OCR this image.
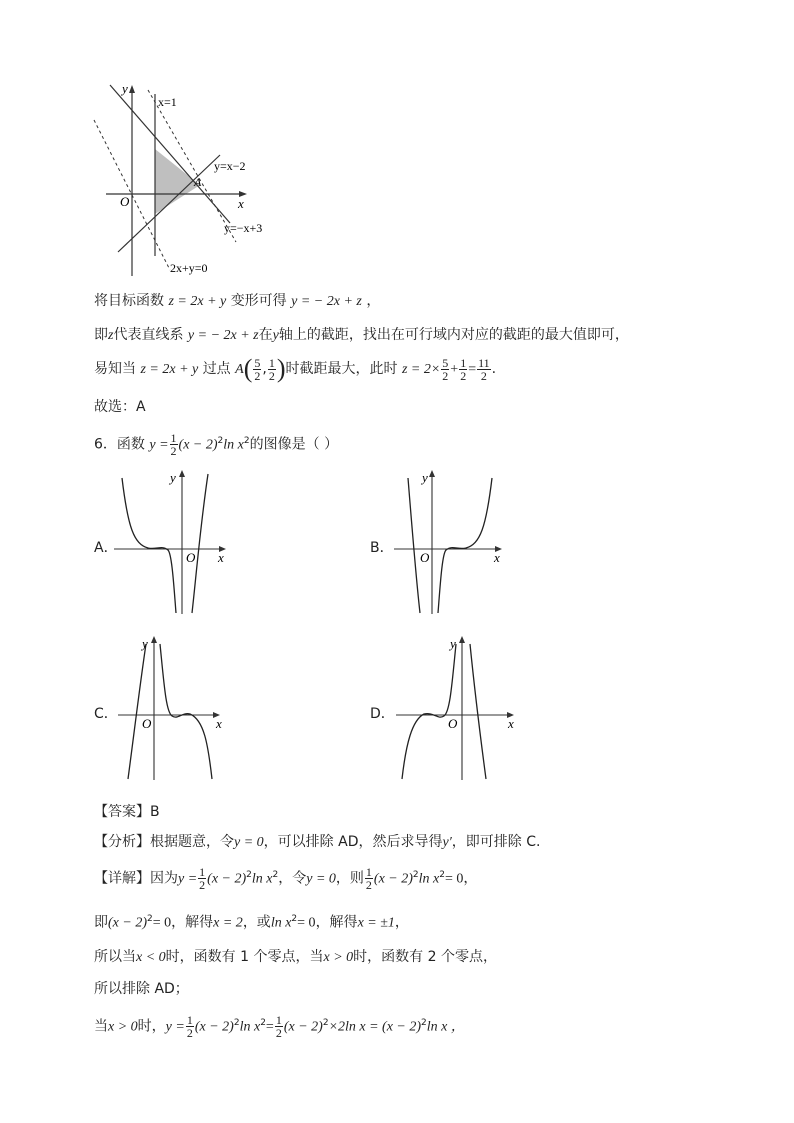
y
x
O
A
x=1
y=x−2
y=−x+3
2x+y=0
将目标函数 z = 2x + y 变形可得 y = − 2x + z ，
即z代表直线系 y = − 2x + z在y轴上的截距，找出在可行域内对应的截距的最大值即可，
易知当 z = 2x + y 过点 $A( \frac{5}{2}$ , $\frac{1}{2}$ )时截距最大，此时 $z = 2\times \frac{5}{2} + \frac{1}{2} = \frac{11}{2}$ .
故选：A
6．函数 $y = \frac{1}{2} (x - 2)^2\ln$ $x^2$的图像是（ ）
A．
y
x
O
B．
y
x
O
C．
y
x
O
D．
y
x
O
【答案】B
【分析】根据题意，令y = 0，可以排除 AD，然后求导得y′，即可排除 C.
【详解】因为$y = \frac{1}{2} (x - 2)^2\ln$ $x^2$，令y = 0，则 $\frac{1}{2} (x - 2)^2\ln$ $x^2= 0$，
即$(x - 2)^2= 0$，解得x = 2，或$\ln x^2= 0$，解得x = ±1，
所以当x < 0时，函数有 1 个零点，当x > 0时，函数有 2 个零点，
所以排除 AD；
当x > 0时，$y = \frac{1}{2} (x - 2)^2\ln$ $x^2= \frac{1}{2} (x - 2)^2\times 2\ln$ $x = (x - 2)^2\ln$ x ，
